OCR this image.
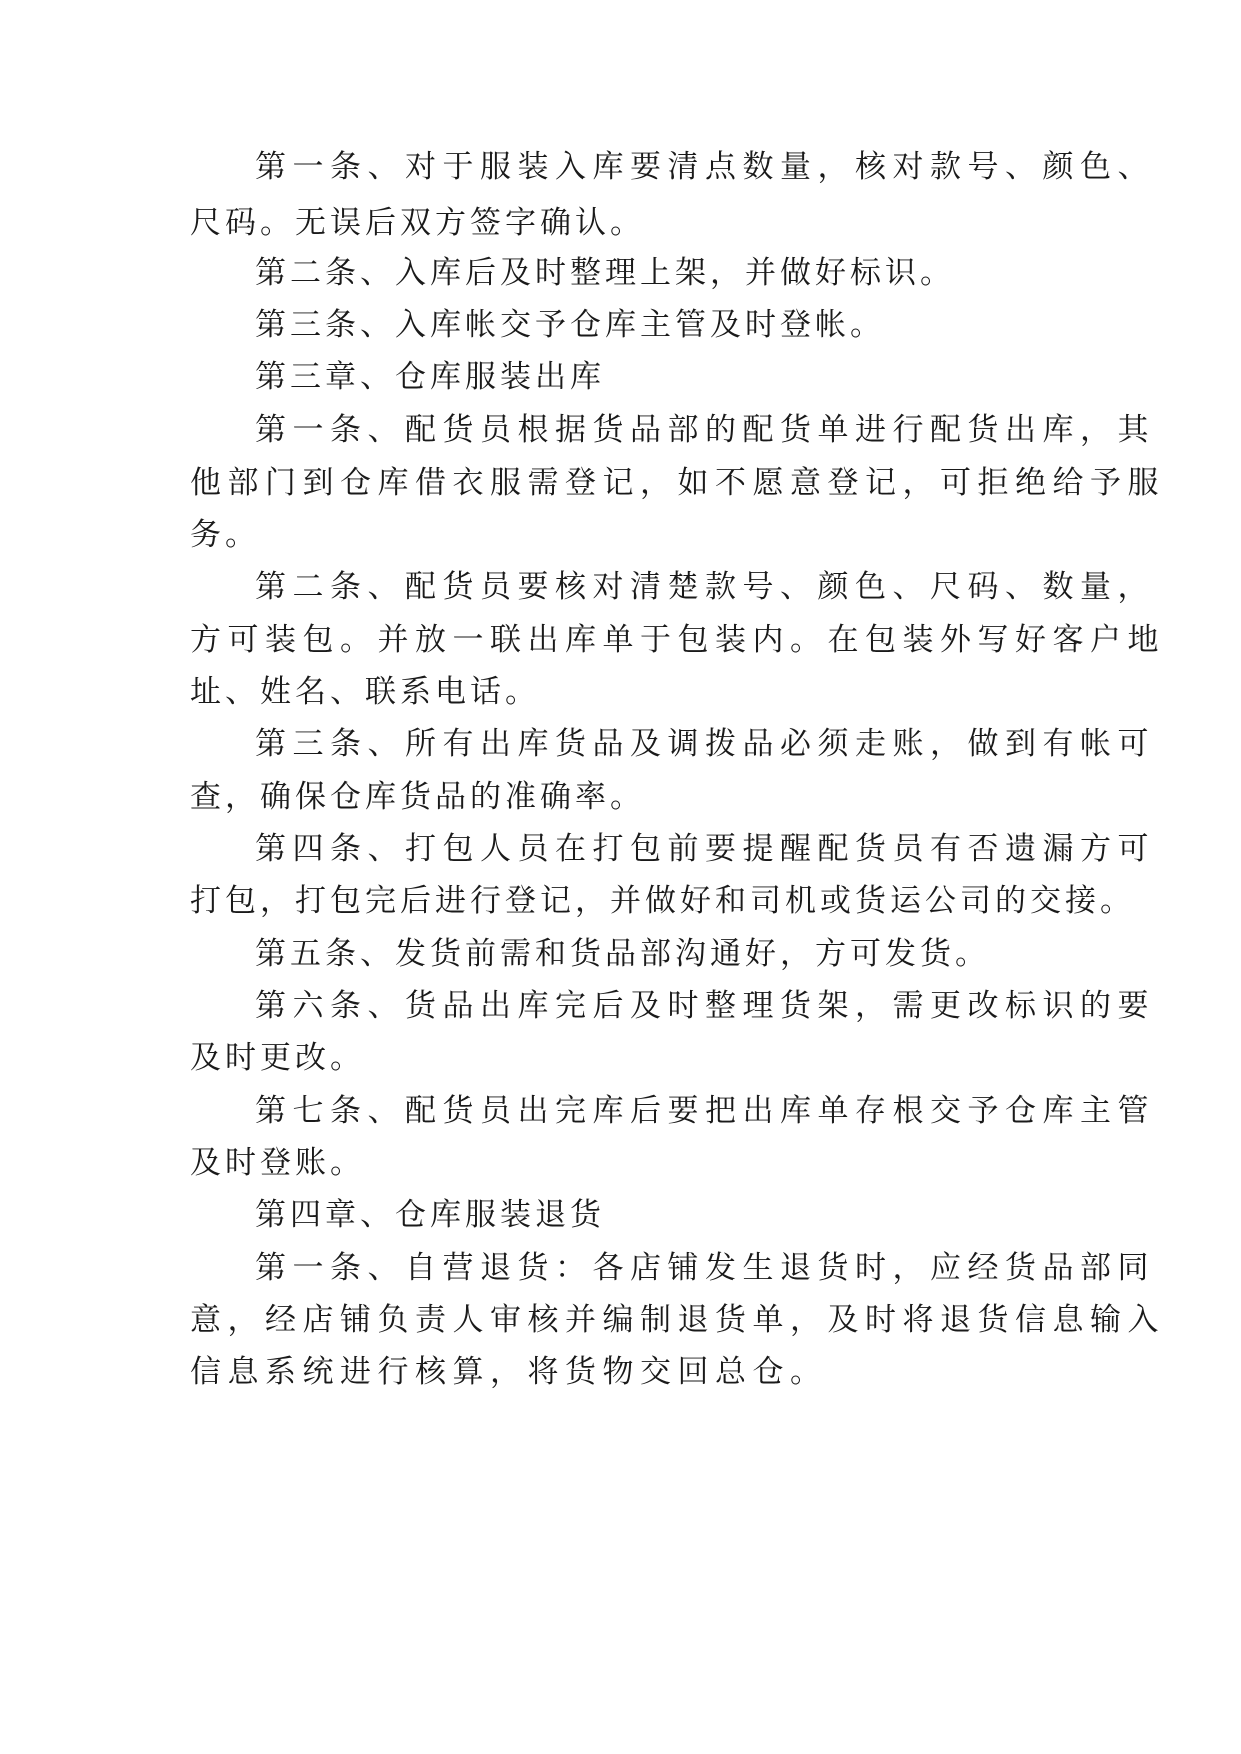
第一条、对于服装入库要清点数量，核对款号、颜色、
尺码。无误后双方签字确认。
第二条、入库后及时整理上架，并做好标识。
第三条、入库帐交予仓库主管及时登帐。
第三章、仓库服装出库
第一条、配货员根据货品部的配货单进行配货出库，其
他部门到仓库借衣服需登记，如不愿意登记，可拒绝给予服
务。
第二条、配货员要核对清楚款号、颜色、尺码、数量，
方可装包。并放一联出库单于包装内。在包装外写好客户地
址、姓名、联系电话。
第三条、所有出库货品及调拨品必须走账，做到有帐可
查，确保仓库货品的准确率。
第四条、打包人员在打包前要提醒配货员有否遗漏方可
打包，打包完后进行登记，并做好和司机或货运公司的交接。
第五条、发货前需和货品部沟通好，方可发货。
第六条、货品出库完后及时整理货架，需更改标识的要
及时更改。
第七条、配货员出完库后要把出库单存根交予仓库主管
及时登账。
第四章、仓库服装退货
第一条、自营退货：各店铺发生退货时，应经货品部同
意，经店铺负责人审核并编制退货单，及时将退货信息输入
信息系统进行核算，将货物交回总仓。
